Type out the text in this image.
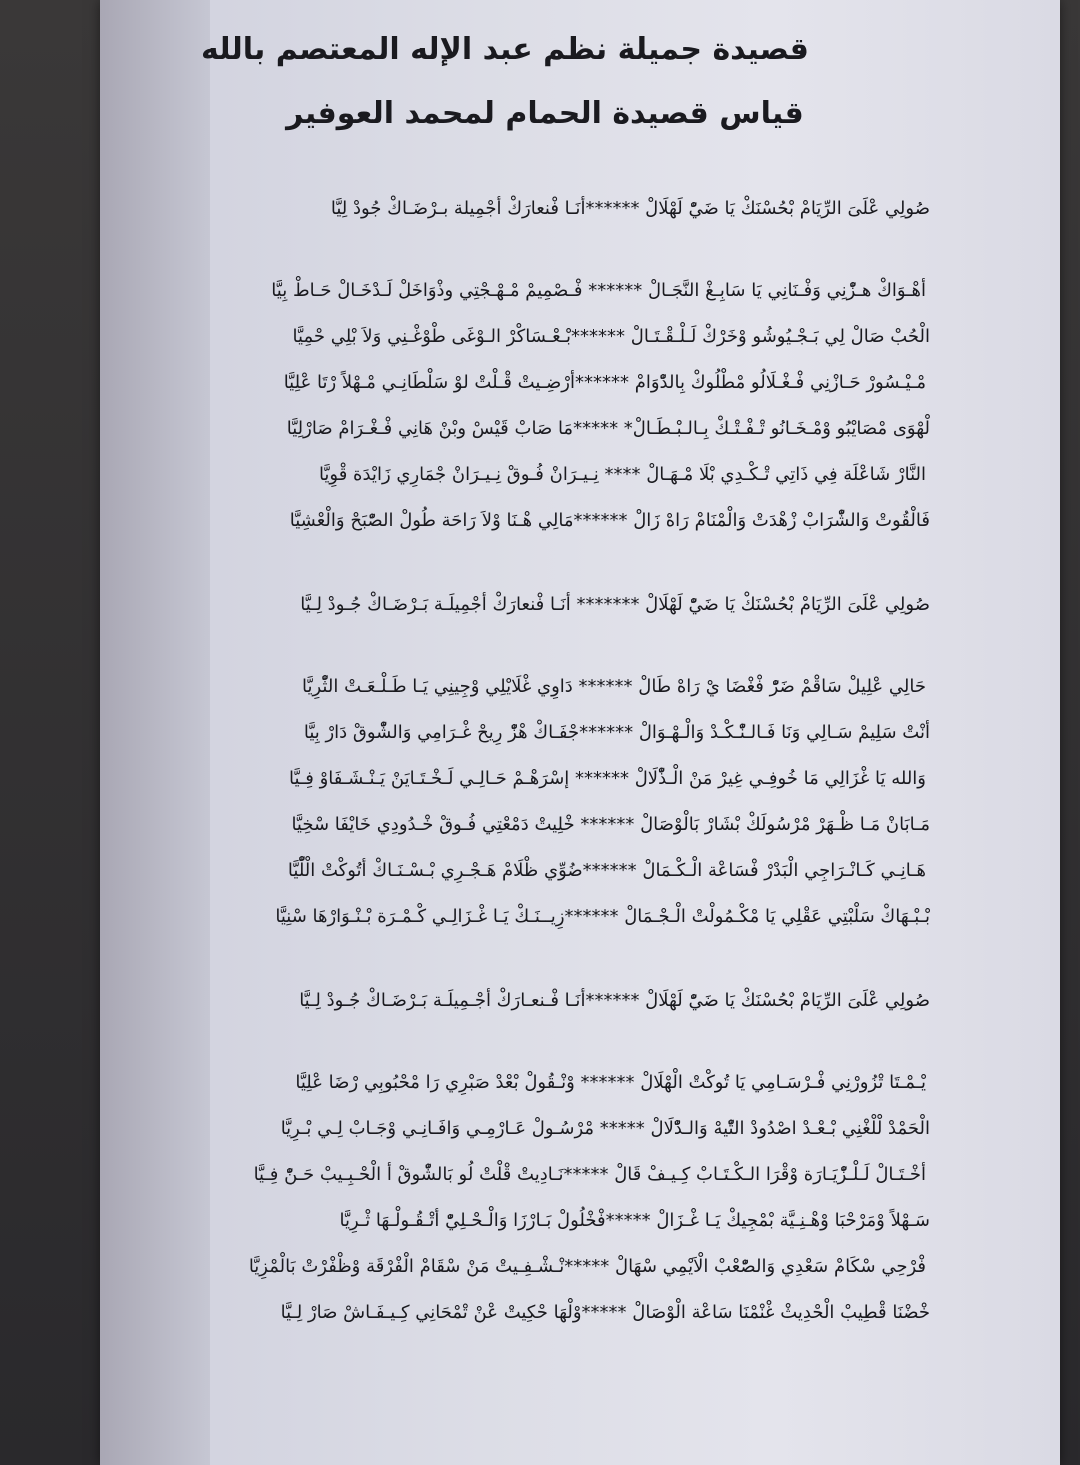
قصيدة جميلة نظم عبد الإله المعتصم بالله
قياس قصيدة الحمام لمحمد العوفير
صُولِي عْلَىَ الرِّيَامْ بْحُسْنَكْ يَا ضَيّْ لَهْلَالْ ******أنَـا فْنعارَكْ أجْمِيلة بـرْضَـاكْ جُودْ لِيَّا
أهْـوَاكْ هـزّْنِي وَفْـنَانِي يَا سَابِـغْ النَّجَـالْ ****** فْـصْمِيمْ مْـهْـجْتِي وذْوَاخَلْ لَـدْخَـالْ حَـاطْ بِيَّا
الْحُبْ صَالْ لِي بَـجْـيُوشُو وْخَرْكْ لَـلْـقْـتَـالْ ******بْـعْـسَاكْرْ الـوْغَى طْوْغْـنِي وَلاَ بْلِي حْمِيَّا
مْـيْـسُورْ حَـازْنِي فْـغْـلَالُو مْطْلُوكْ بِالدّْوَامْ ******أرْضِـيتْ قْـلْتْ لوْ سَلْطَانِـي مْـهْلاً رْتَا عْلِيَّا
لْهْوَى مْصَايْبُو وْمْـخَـانُو تْـفْـتْـكْ بِـالـبْـطَـالْ* *****مَا صَابْ قَيْسْ وبْنْ هَانِي فْـغْـرَامْ صَارْلِيَّا
النَّارْ شَاعْلَة فِي ذَاتِي تْـكْـدِي بْلَا مْـهَـالْ **** نِـيـرَانْ فُـوقْ نِـيـرَانْ جْمَارِي زَايْدَة قْوِيَّا
فَالْقُوتْ وَالشّْرَابْ زْهْدَتْ وَالْمْنَامْ رَاهْ زَالْ ******مَالِي هْـنَا وْلاَ رَاحَة طُولْ الصّْبَحْ وَالْعْشِيَّا
صُولِي عْلَىَ الرِّيَامْ بْحُسْنَكْ يَا ضَيّْ لَهْلَالْ ******* أنَـا فْنعارَكْ أجْمِيلَـة بَـرْضَـاكْ جُـودْ لِـيَّا
حَالِي عْلِيلْ سَاقْمْ ضَرّْ فْغْضَا يْ رَاهْ طَالْ ****** دَاوِي غْلَايْلِي وْجِينِي يَـا طَـلْـعَـتْ الثّْرِيَّا
أنْتْ سَلِيمْ سَـالِي وَنَا فَـالـنّْـكْـدْ وَالْـهْـوَالْ ******جْفَـاكْ هْزّْ رِيحْ غْـرَامِي وَالشّْوقْ دَارْ بِيَّا
وَالله يَا غْزَالِي مَا خُوفِـي غِيرْ مَنْ الْـذّْلَالْ ****** إسْرَهْـمْ حَـالِـي لَـخْـتَـايَنْ يَـنْـشَـفَاوْ فِـيَّا
مَـابَانْ مَـا ظْـهَرْ مْرْسُولَكْ بْشَارْ بَالْوْصَالْ ****** خْلِيتْ دَمْعْتِي فُـوقْ خْـدُودِي خَايْفَا سْخِيَّا
هَـانِـي كَـانْـرَاجِي الْبَدْرْ فْسَاعْة الْـكْـمَالْ ******ضُوِّي ظْلَامْ هَـجْـرِي بْـسْـنَـاكْ أتُوكْتْ الْلّْيَّا
بْـبْـهَاكْ سَلْبْتِي عَقْلِي يَا مْكْـمُولْتْ الْـجْـمَالْ ******زِيــنَـكْ يَـا غْـزَالِـي كْـمْـرَة بْـنْـوَارْهَا سْنِيَّا
صُولِي عْلَىَ الرِّيَامْ بْحُسْنَكْ يَا ضَيّْ لَهْلَالْ ******أنَـا فْـنعـارَكْ أجْـمِيلَـة بَـرْضَـاكْ جُـودْ لِـيَّا
يْـمْـتَا تْزُورْنِي فْـرْسَـامِي يَا تُوكْتْ الْهْلَالْ ****** وْنْـقُولْ بْعْدْ صَبْرِي رَا مْحْبُوبِي رْضَا عْلِيَّا
الْحَمْدْ لْلْغْنِي بْـعْـدْ اصْدُودْ التّْيهْ وَالـدّْلَالْ ***** مْرْسُـولْ عَـارْمِـي وَافَـانِـي وْجَـابْ لِـي بْـرِيَّا
أخْـتَـالْ لَـلْـزّْيَـارَة وْقْرَا الـكْـتَـابْ كِـيـفْ قَالْ *****نَـادِيتْ قْلْتْ لُو بَالشّْوقْ أ الْحْـبِـيبْ حَـنّْ فِـيَّا
سَـهْلاً وْمَرْحْبَا وْهْـنِـيَّة بْمْجِيكْ يَـا غْـزَالْ *****فْخْلُولْ بَـارْزَا وَالْـحْـلِيّْ أتْـقُـولْـهَا ثْـرِيَّا
فْرْحِي سْكَامْ سَعْدِي وَالصّْعْبْ الْاَيْمِي سْهَالْ *****نْـشْـفِـيتْ مَنْ سْقَامْ الْفْرْقَة وْظْفْرْتْ بَالْمْزِيَّا
خْضْنَا قْطِيبْ الْحْدِيثْ غْنْمْنَا سَاعْة الْوْصَالْ *****وْلْهَا حْكِيتْ عْنْ تْمْحَانِي كِـيـفَـاشْ صَارْ لِـيَّا
